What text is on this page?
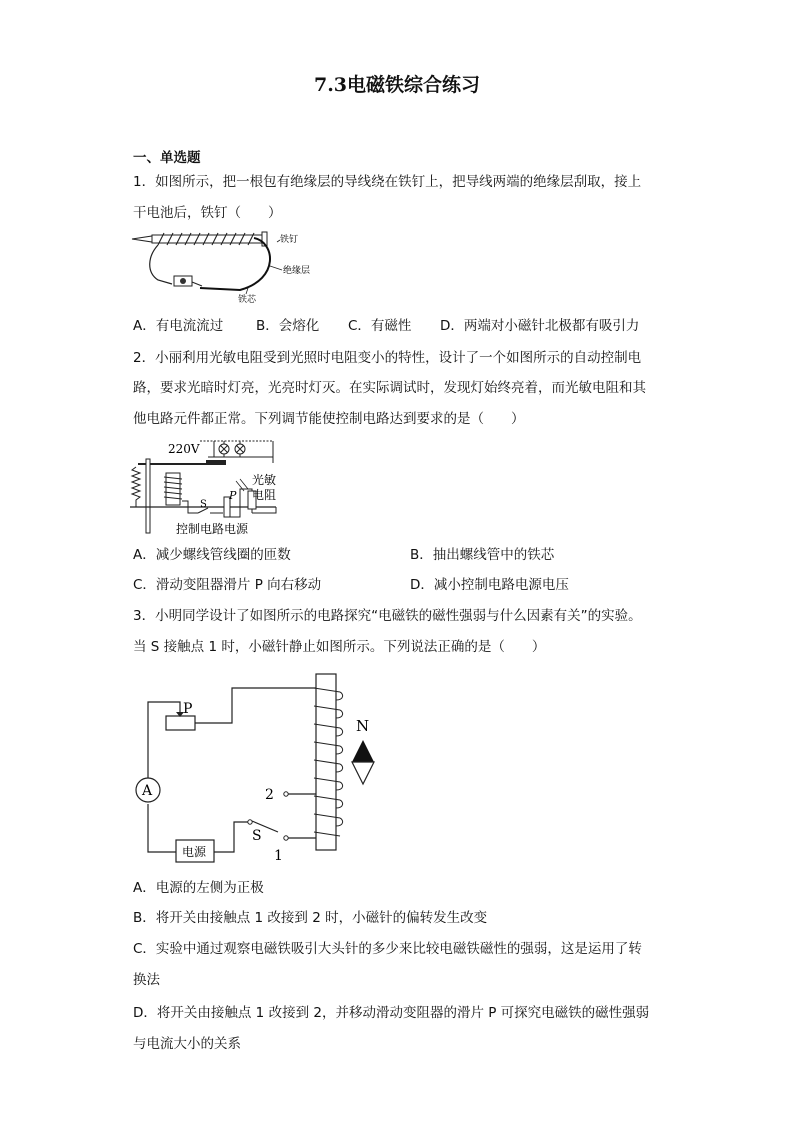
7.3电磁铁综合练习
一、单选题
1．如图所示，把一根包有绝缘层的导线绕在铁钉上，把导线两端的绝缘层刮取，接上
干电池后，铁钉（　　）
铁钉
绝缘层
铁芯
A．有电流流过 B．会熔化 C．有磁性 D．两端对小磁针北极都有吸引力
2．小丽利用光敏电阻受到光照时电阻变小的特性，设计了一个如图所示的自动控制电
路，要求光暗时灯亮，光亮时灯灭。在实际调试时，发现灯始终亮着，而光敏电阻和其
他电路元件都正常。下列调节能使控制电路达到要求的是（　　）
220V
S
P
光敏
电阻
控制电路电源
A．减少螺线管线圈的匝数	B．抽出螺线管中的铁芯
C．滑动变阻器滑片 P 向右移动	D．减小控制电路电源电压
3．小明同学设计了如图所示的电路探究“电磁铁的磁性强弱与什么因素有关”的实验。
当 S 接触点 1 时，小磁针静止如图所示。下列说法正确的是（　　）
P
A
电源
S
1
2
N
A．电源的左侧为正极
B．将开关由接触点 1 改接到 2 时，小磁针的偏转发生改变
C．实验中通过观察电磁铁吸引大头针的多少来比较电磁铁磁性的强弱，这是运用了转
换法
D．将开关由接触点 1 改接到 2，并移动滑动变阻器的滑片 P 可探究电磁铁的磁性强弱
与电流大小的关系
